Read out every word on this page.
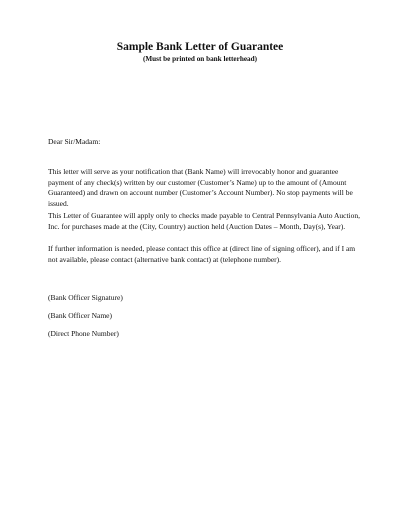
Sample Bank Letter of Guarantee
(Must be printed on bank letterhead)
Dear Sir/Madam:

This letter will serve as your notification that (Bank Name) will irrevocably honor and guarantee payment of any check(s) written by our customer (Customer’s Name) up to the amount of (Amount Guaranteed) and drawn on account number (Customer’s Account Number). No stop payments will be issued.

This Letter of Guarantee will apply only to checks made payable to Central Pennsylvania Auto Auction, Inc. for purchases made at the (City, Country) auction held (Auction Dates – Month, Day(s), Year).

If further information is needed, please contact this office at (direct line of signing officer), and if I am not available, please contact (alternative bank contact) at (telephone number).

(Bank Officer Signature)
(Bank Officer Name)
(Direct Phone Number)
